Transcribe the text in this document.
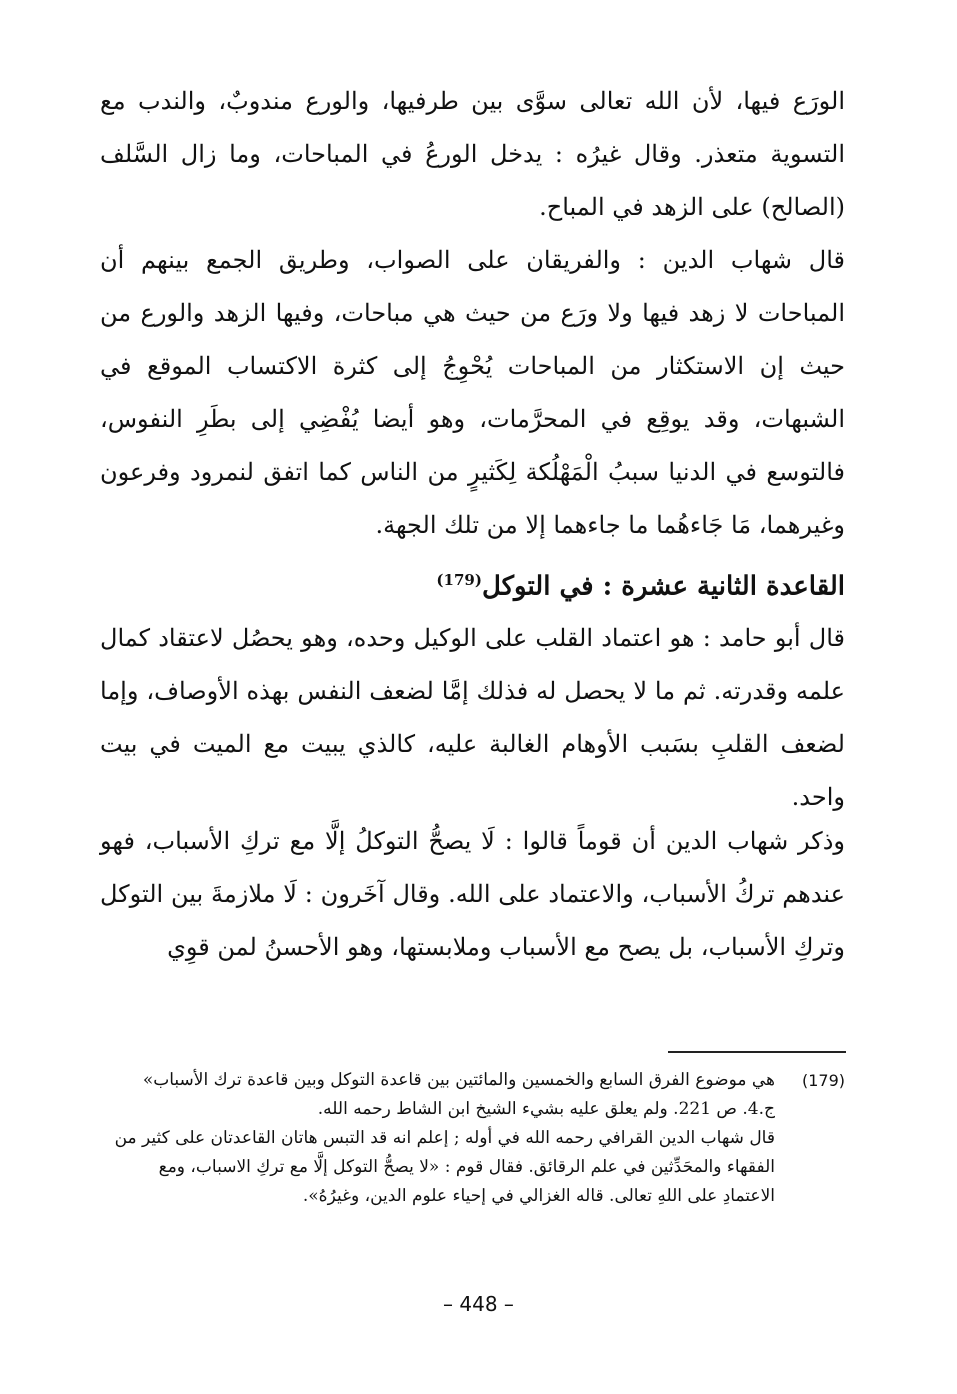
الورَع فيها، لأن الله تعالى سوَّى بين طرفيها، والورع مندوبٌ، والندب مع التسوية متعذر. وقال غيرُه : يدخل الورعُ في المباحات، وما زال السَّلف (الصالح) على الزهد في المباح.

قال شهاب الدين : والفريقان على الصواب، وطريق الجمع بينهم أن المباحات لا زهد فيها ولا ورَع من حيث هي مباحات، وفيها الزهد والورع من حيث إن الاستكثار من المباحات يُحْوِجُ إلى كثرة الاكتساب الموقع في الشبهات، وقد يوقِع في المحرَّمات، وهو أيضا يُفْضِي إلى بطَرِ النفوس، فالتوسع في الدنيا سببُ الْمَهْلُكة لِكَثيرٍ من الناس كما اتفق لنمرود وفرعون وغيرهما، مَا جَاءهُما ما جاءهما إلا من تلك الجهة.

القاعدة الثانية عشرة : في التوكل$^{(179)}$

قال أبو حامد : هو اعتماد القلب على الوكيل وحده، وهو يحصُل لاعتقاد كمال علمه وقدرته. ثم ما لا يحصل له فذلك إمَّا لضعف النفس بهذه الأوصاف، وإما لضعف القلبِ بسَبب الأوهام الغالبة عليه، كالذي يبيت مع الميت في بيت واحد.

وذكر شهاب الدين أن قوماً قالوا : لَا يصحُّ التوكلُ إلَّا مع تركِ الأسباب، فهو عندهم تركُ الأسباب، والاعتماد على الله. وقال آخَرون : لَا ملازمةَ بين التوكل وتركِ الأسباب، بل يصح مع الأسباب وملابستها، وهو الأحسنُ لمن قوِي

(179)
هي موضوع الفرق السابع والخمسين والمائتين بين قاعدة التوكل وبين قاعدة ترك الأسباب»
ج.4. ص 221. ولم يعلق عليه بشيء الشيخ ابن الشاط رحمه الله.
قال شهاب الدين القرافي رحمه الله في أوله ; إعلم انه قد التبس هاتان القاعدتان على كثير من
الفقهاء والمحَدِّثين في علم الرقائق. فقال قوم : «لا يصحُّ التوكل إلَّا مع تركِ الاسباب، ومع
الاعتمادِ على اللهِ تعالى. قاله الغزالي في إحياء علوم الدين، وغيرُهُ».
– 448 –
